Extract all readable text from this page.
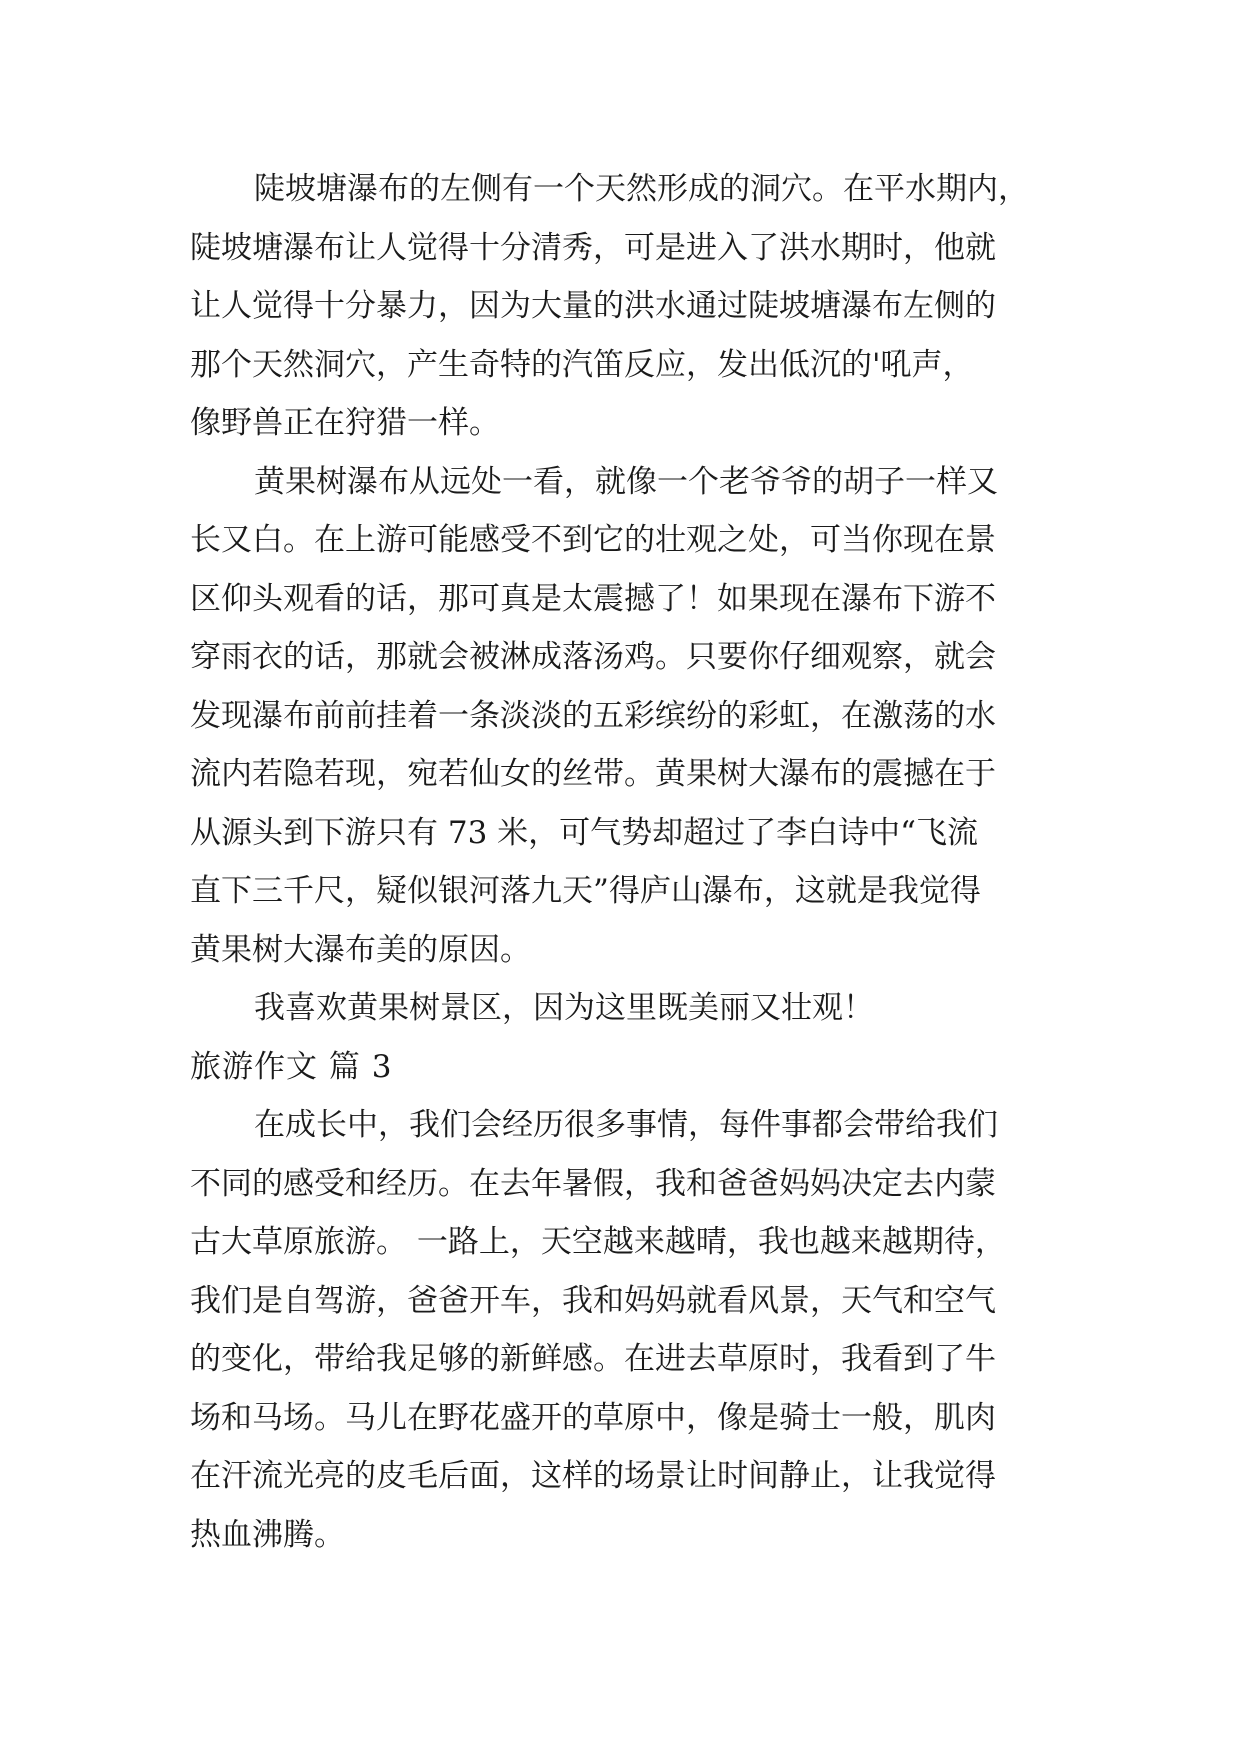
陡坡塘瀑布的左侧有一个天然形成的洞穴。在平水期内，
陡坡塘瀑布让人觉得十分清秀，可是进入了洪水期时，他就
让人觉得十分暴力，因为大量的洪水通过陡坡塘瀑布左侧的
那个天然洞穴，产生奇特的汽笛反应，发出低沉的'吼声，
像野兽正在狩猎一样。
黄果树瀑布从远处一看，就像一个老爷爷的胡子一样又
长又白。在上游可能感受不到它的壮观之处，可当你现在景
区仰头观看的话，那可真是太震撼了！如果现在瀑布下游不
穿雨衣的话，那就会被淋成落汤鸡。只要你仔细观察，就会
发现瀑布前前挂着一条淡淡的五彩缤纷的彩虹，在激荡的水
流内若隐若现，宛若仙女的丝带。黄果树大瀑布的震撼在于
从源头到下游只有 73 米，可气势却超过了李白诗中“飞流
直下三千尺，疑似银河落九天”得庐山瀑布，这就是我觉得
黄果树大瀑布美的原因。
我喜欢黄果树景区，因为这里既美丽又壮观！
旅游作文 篇 3
在成长中，我们会经历很多事情，每件事都会带给我们
不同的感受和经历。在去年暑假，我和爸爸妈妈决定去内蒙
古大草原旅游。 一路上，天空越来越晴，我也越来越期待，
我们是自驾游，爸爸开车，我和妈妈就看风景，天气和空气
的变化，带给我足够的新鲜感。在进去草原时，我看到了牛
场和马场。马儿在野花盛开的草原中，像是骑士一般，肌肉
在汗流光亮的皮毛后面，这样的场景让时间静止，让我觉得
热血沸腾。
